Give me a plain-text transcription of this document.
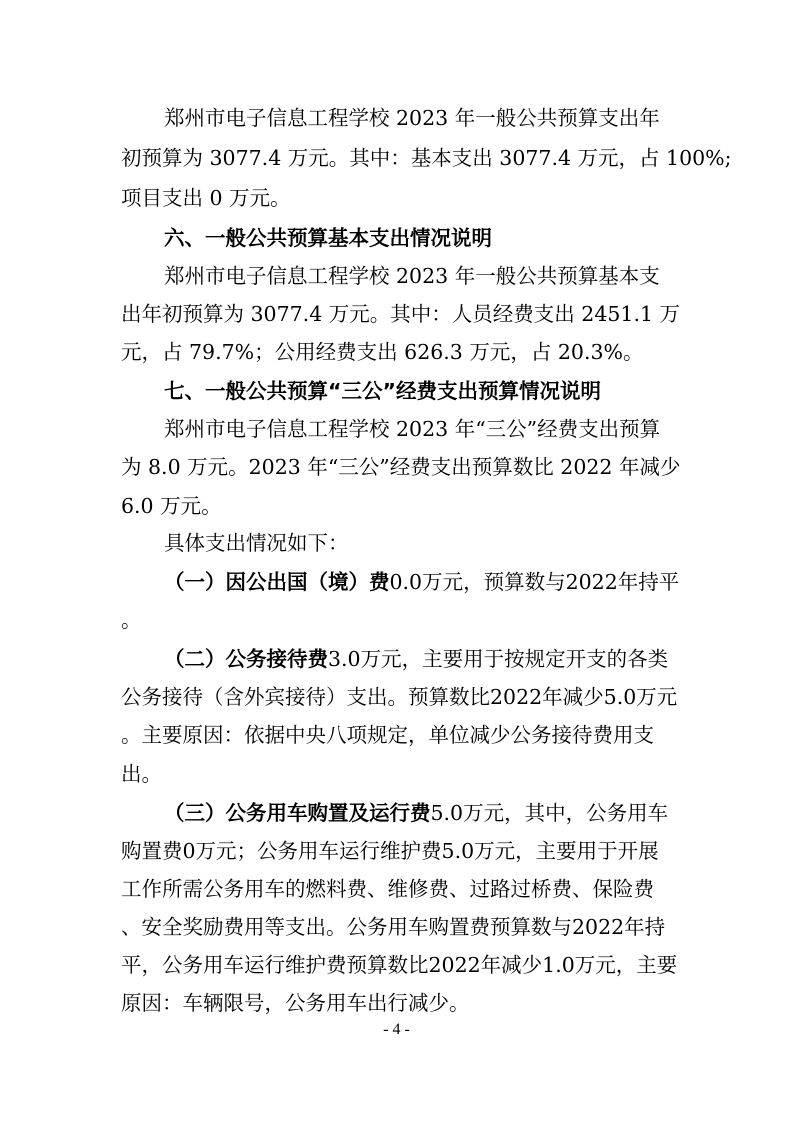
郑州市电子信息工程学校 2023 年一般公共预算支出年
初预算为 3077.4 万元。其中：基本支出 3077.4 万元，占 100%;
项目支出 0 万元。
六、一般公共预算基本支出情况说明
郑州市电子信息工程学校 2023 年一般公共预算基本支
出年初预算为 3077.4 万元。其中：人员经费支出 2451.1 万
元，占 79.7%；公用经费支出 626.3 万元，占 20.3%。
七、一般公共预算“三公”经费支出预算情况说明
郑州市电子信息工程学校 2023 年“三公”经费支出预算
为 8.0 万元。2023 年“三公”经费支出预算数比 2022 年减少
6.0 万元。
具体支出情况如下：
（一）因公出国（境）费0.0万元，预算数与2022年持平
。
（二）公务接待费3.0万元，主要用于按规定开支的各类
公务接待（含外宾接待）支出。预算数比2022年减少5.0万元
。主要原因：依据中央八项规定，单位减少公务接待费用支
出。
（三）公务用车购置及运行费5.0万元，其中，公务用车
购置费0万元；公务用车运行维护费5.0万元，主要用于开展
工作所需公务用车的燃料费、维修费、过路过桥费、保险费
、安全奖励费用等支出。公务用车购置费预算数与2022年持
平，公务用车运行维护费预算数比2022年减少1.0万元，主要
原因：车辆限号，公务用车出行减少。
- 4 -
